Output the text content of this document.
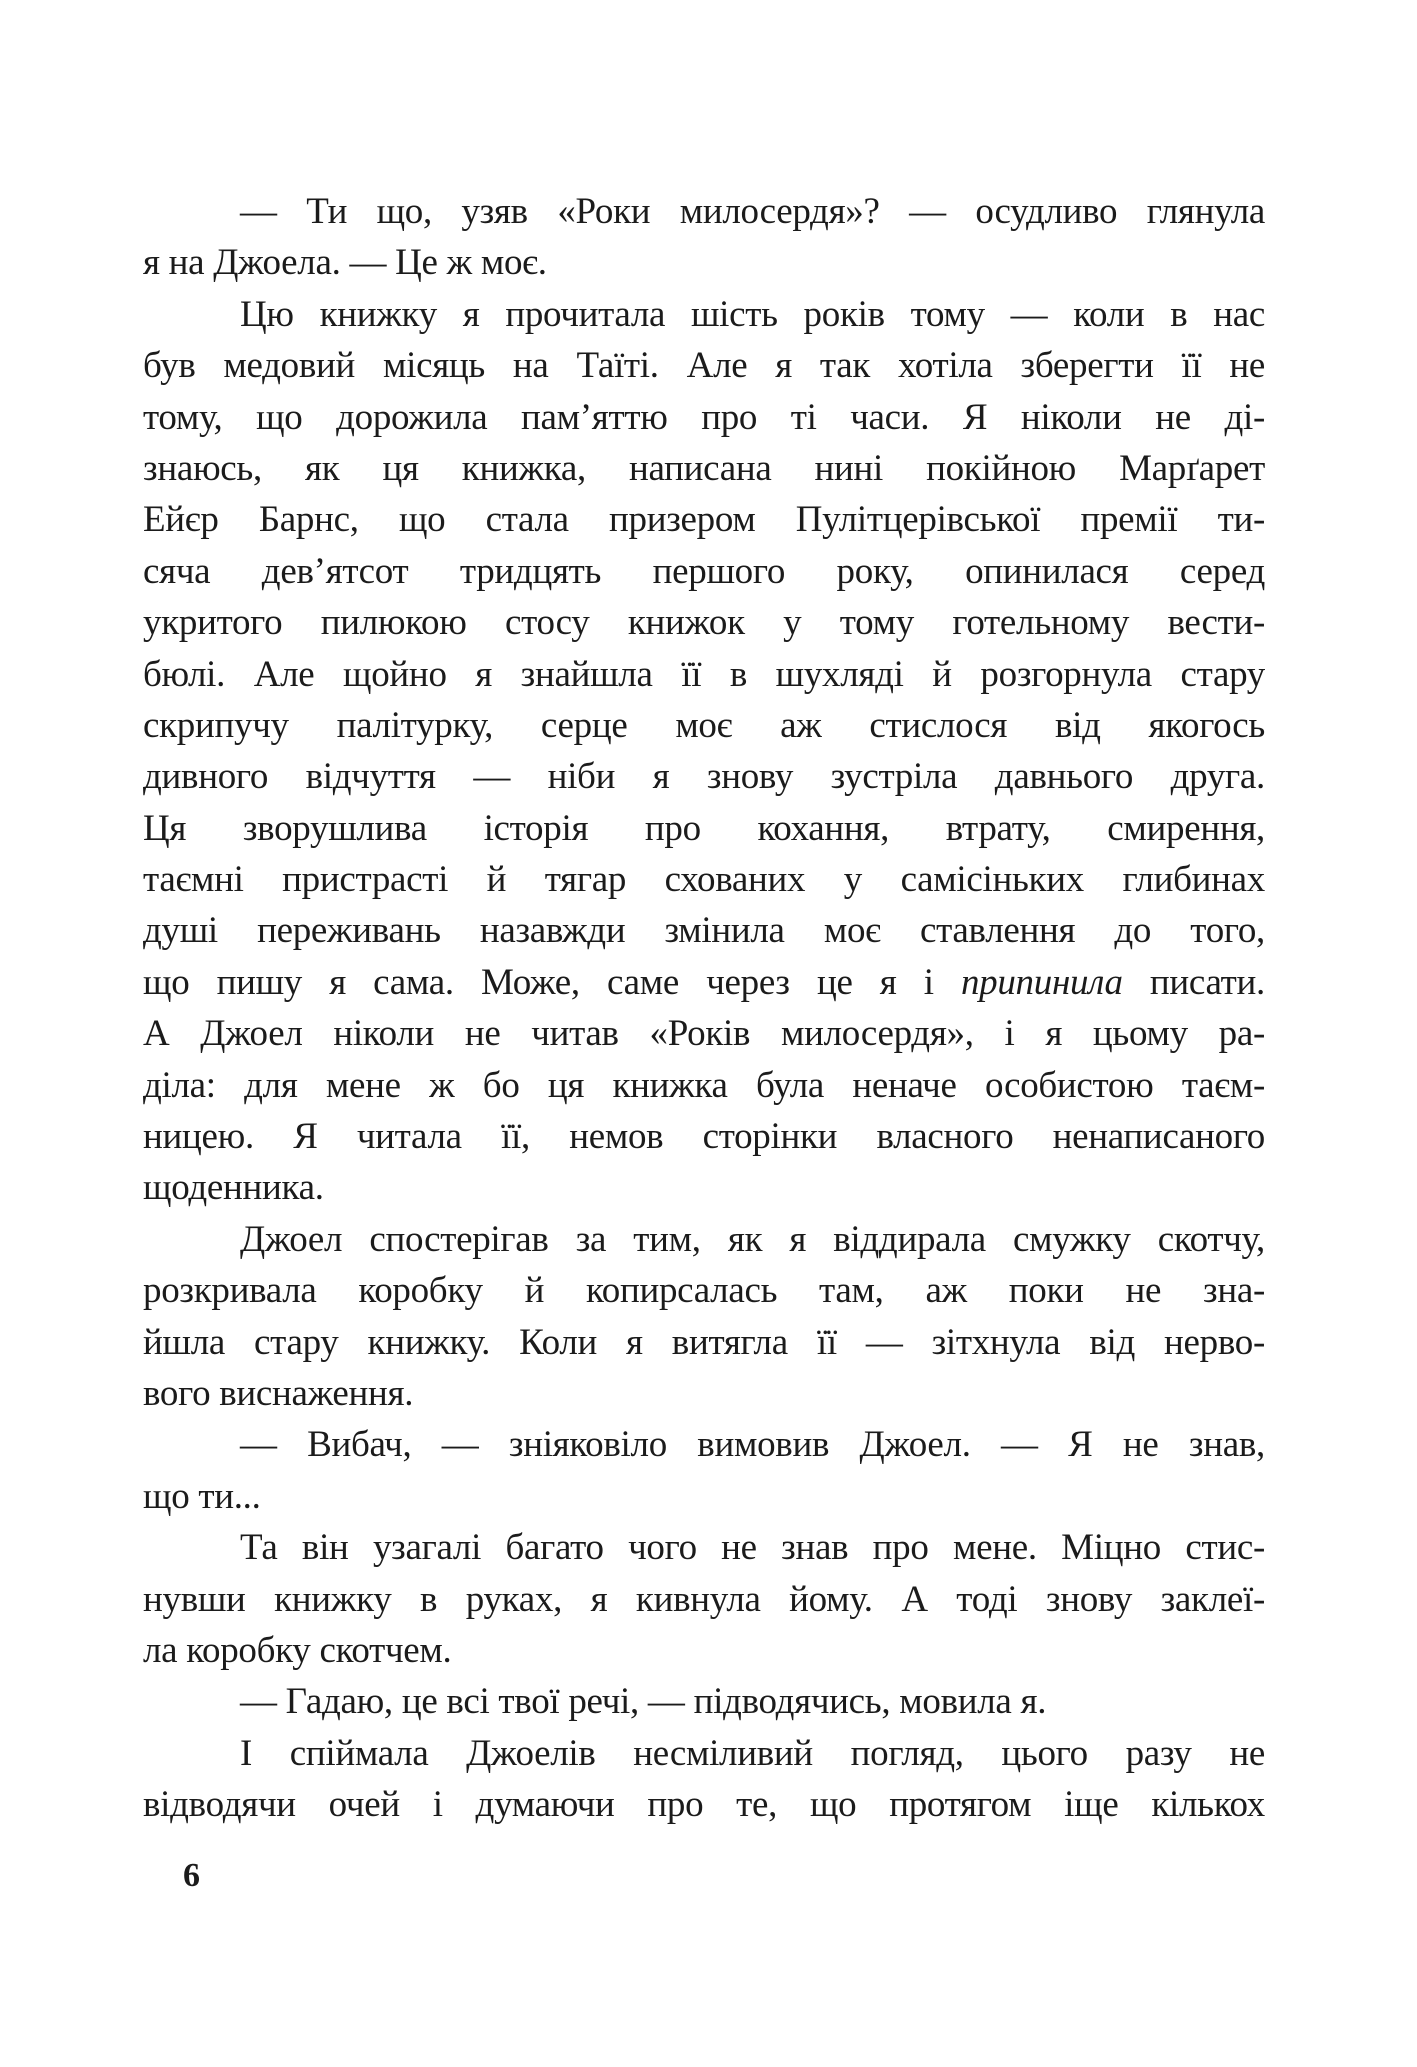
— Ти що, узяв «Роки милосердя»? — осудливо глянула
я на Джоела. — Це ж моє.
Цю книжку я прочитала шість років тому — коли в нас
був медовий місяць на Таїті. Але я так хотіла зберегти її не
тому, що дорожила пам’яттю про ті часи. Я ніколи не ді-
знаюсь, як ця книжка, написана нині покійною Марґарет
Ейєр Барнс, що стала призером Пулітцерівської премії ти-
сяча дев’ятсот тридцять першого року, опинилася серед
укритого пилюкою стосу книжок у тому готельному вести-
бюлі. Але щойно я знайшла її в шухляді й розгорнула стару
скрипучу палітурку, серце моє аж стислося від якогось
дивного відчуття — ніби я знову зустріла давнього друга.
Ця зворушлива історія про кохання, втрату, смирення,
таємні пристрасті й тягар схованих у самісіньких глибинах
душі переживань назавжди змінила моє ставлення до того,
що пишу я сама. Може, саме через це я і припинила писати.
А Джоел ніколи не читав «Років милосердя», і я цьому ра-
діла: для мене ж бо ця книжка була неначе особистою таєм-
ницею. Я читала її, немов сторінки власного ненаписаного
щоденника.
Джоел спостерігав за тим, як я віддирала смужку скотчу,
розкривала коробку й копирсалась там, аж поки не зна-
йшла стару книжку. Коли я витягла її — зітхнула від нерво-
вого виснаження.
— Вибач, — зніяковіло вимовив Джоел. — Я не знав,
що ти...
Та він узагалі багато чого не знав про мене. Міцно стис-
нувши книжку в руках, я кивнула йому. А тоді знову заклеї-
ла коробку скотчем.
— Гадаю, це всі твої речі, — підводячись, мовила я.
І спіймала Джоелів несміливий погляд, цього разу не
відводячи очей і думаючи про те, що протягом іще кількох
6
